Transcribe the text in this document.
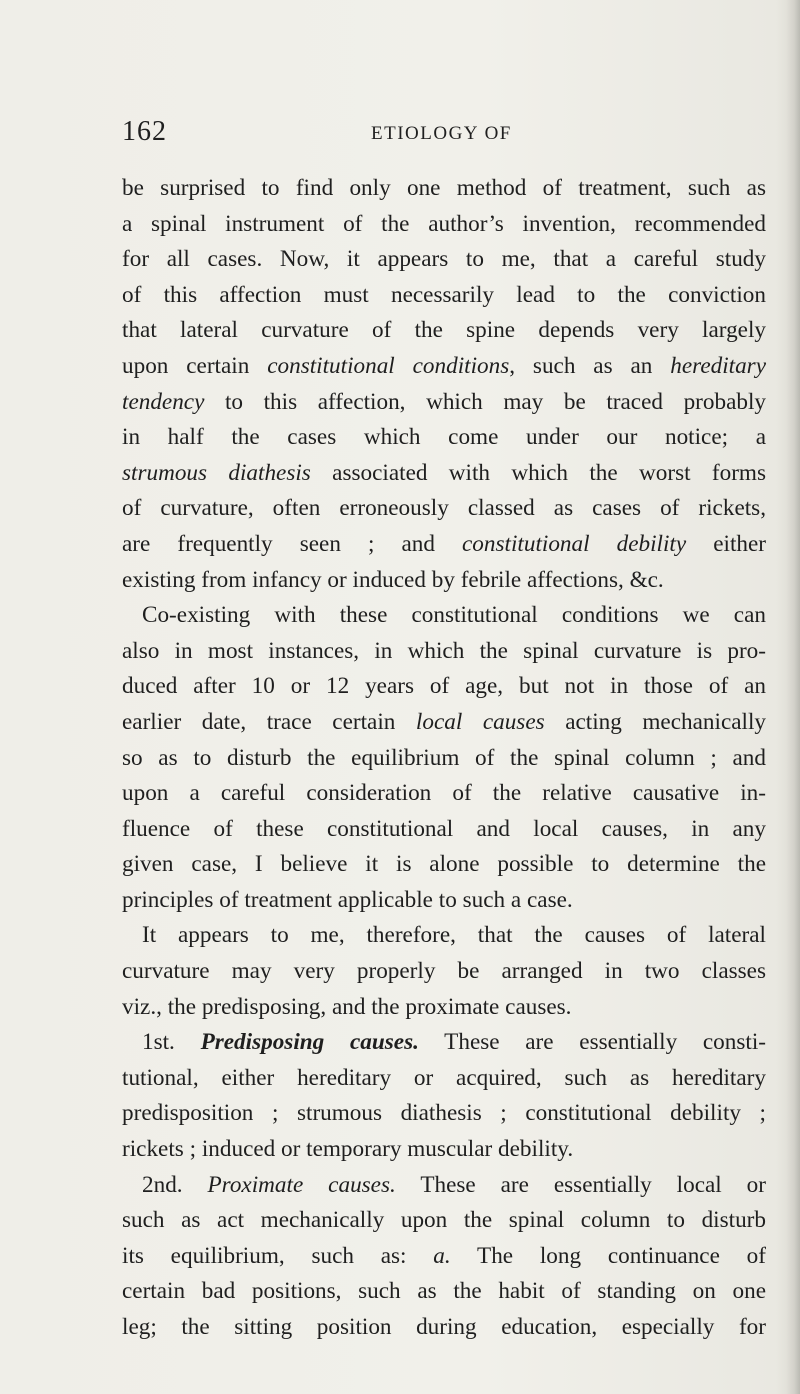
162	ETIOLOGY OF
be surprised to find only one method of treatment, such as
a spinal instrument of the author’s invention, recommended
for all cases. Now, it appears to me, that a careful study
of this affection must necessarily lead to the conviction
that lateral curvature of the spine depends very largely
upon certain constitutional conditions, such as an hereditary
tendency to this affection, which may be traced probably
in half the cases which come under our notice; a
strumous diathesis associated with which the worst forms
of curvature, often erroneously classed as cases of rickets,
are frequently seen ; and constitutional debility either
existing from infancy or induced by febrile affections, &c.
Co-existing with these constitutional conditions we can
also in most instances, in which the spinal curvature is pro-
duced after 10 or 12 years of age, but not in those of an
earlier date, trace certain local causes acting mechanically
so as to disturb the equilibrium of the spinal column ; and
upon a careful consideration of the relative causative in-
fluence of these constitutional and local causes, in any
given case, I believe it is alone possible to determine the
principles of treatment applicable to such a case.
It appears to me, therefore, that the causes of lateral
curvature may very properly be arranged in two classes
viz., the predisposing, and the proximate causes.
1st. Predisposing causes. These are essentially consti-
tutional, either hereditary or acquired, such as hereditary
predisposition ; strumous diathesis ; constitutional debility ;
rickets ; induced or temporary muscular debility.
2nd. Proximate causes. These are essentially local or
such as act mechanically upon the spinal column to disturb
its equilibrium, such as: a. The long continuance of
certain bad positions, such as the habit of standing on one
leg; the sitting position during education, especially for
